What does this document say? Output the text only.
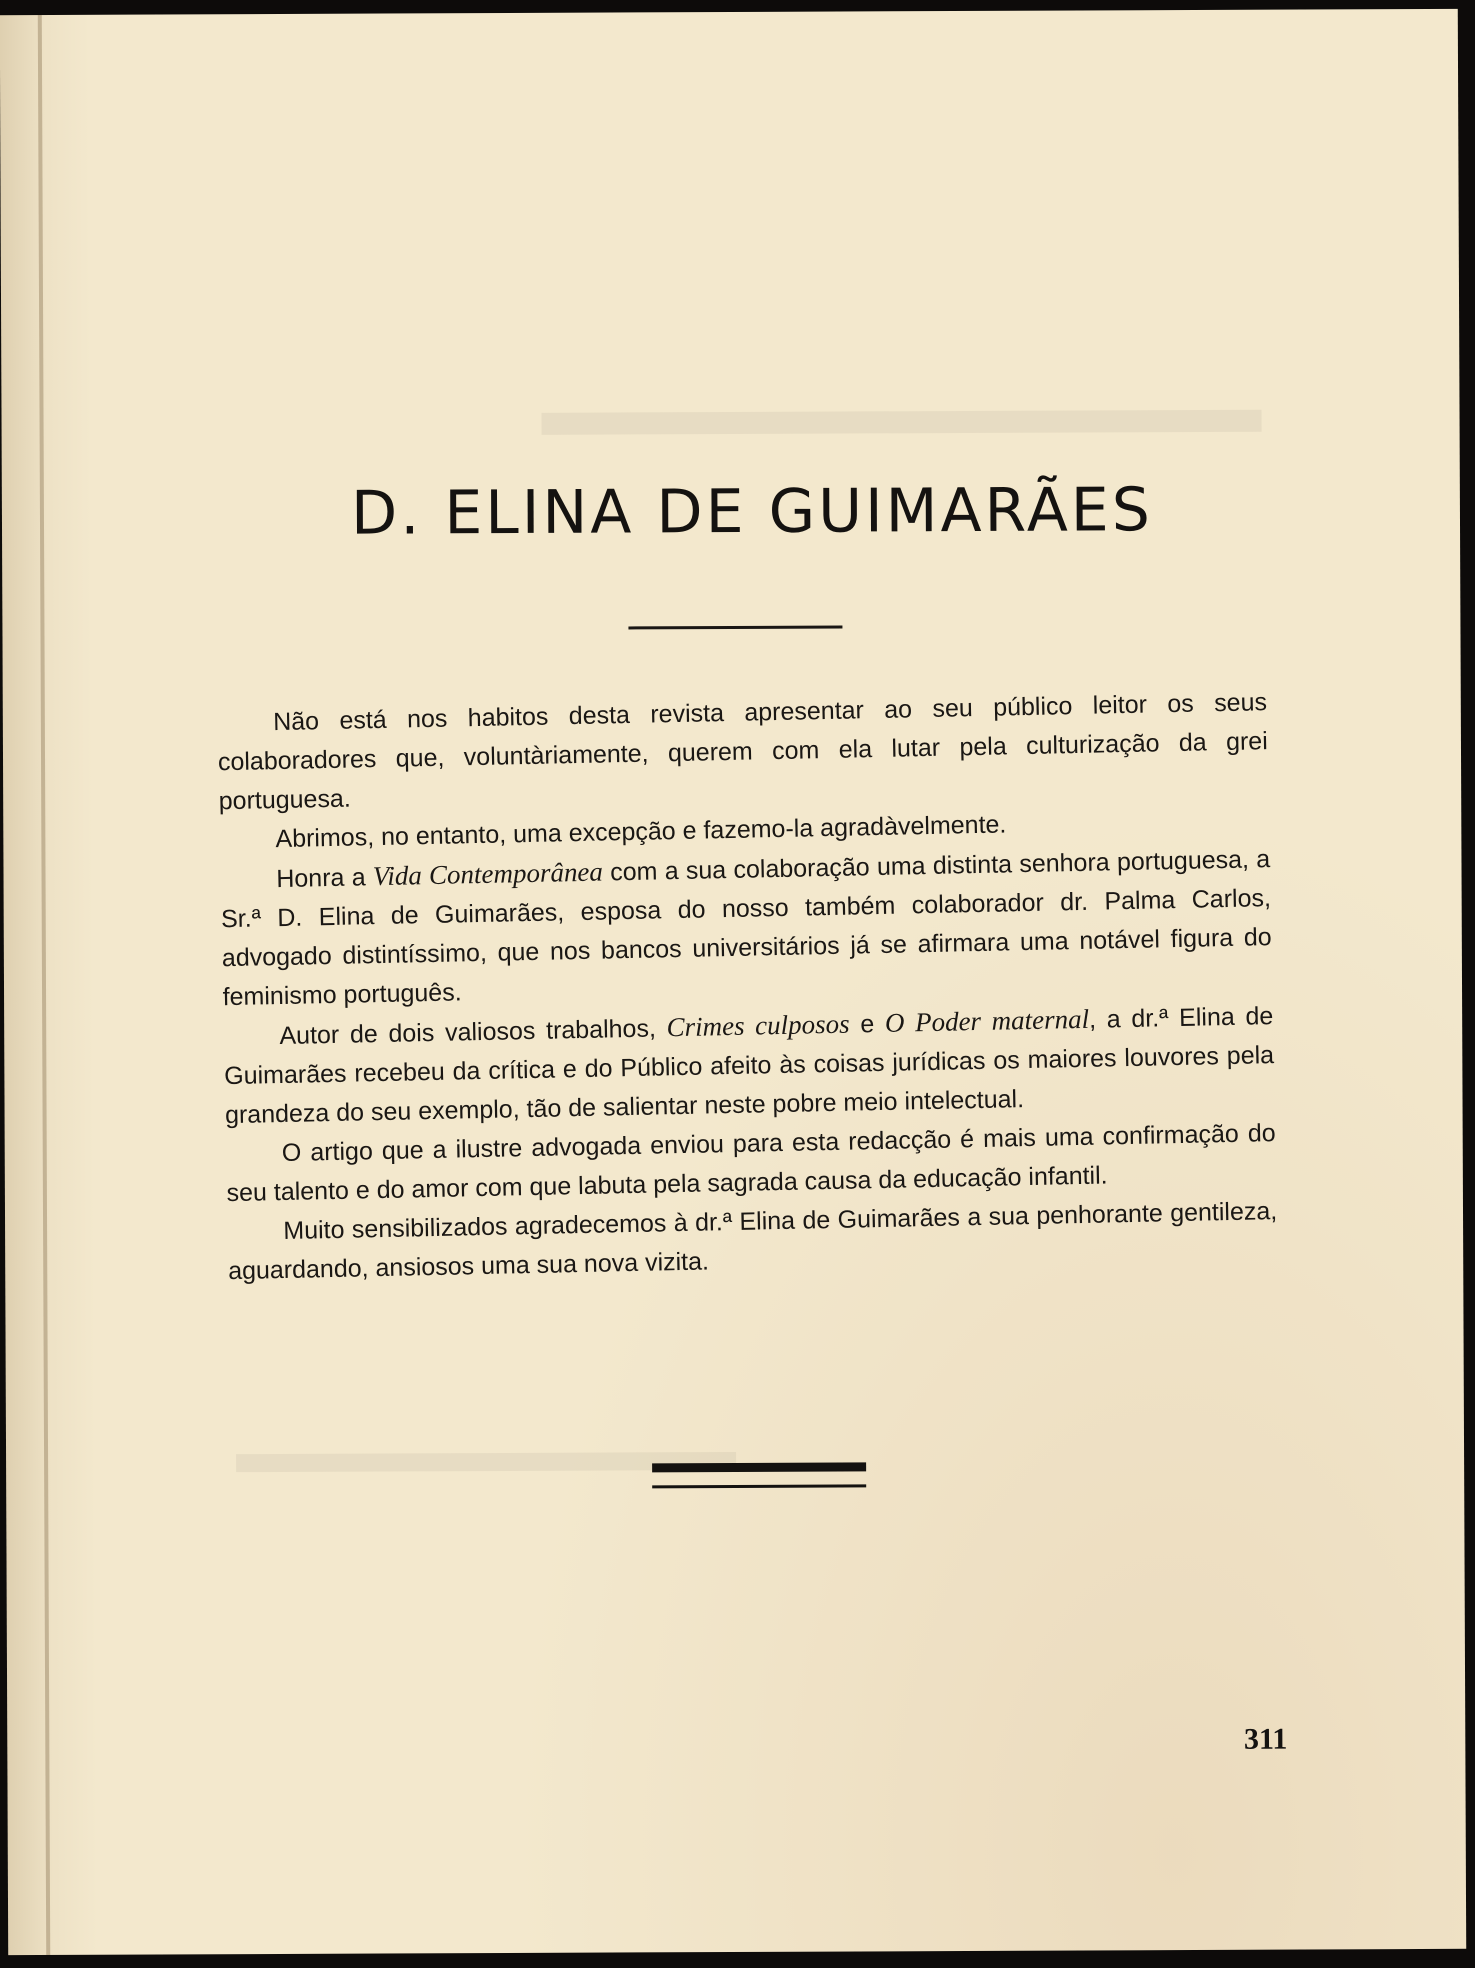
D. ELINA DE GUIMARÃES

Não está nos habitos desta revista apresentar ao seu público leitor os seus colaboradores que, voluntàriamente, querem com ela lutar pela culturização da grei portuguesa.

Abrimos, no entanto, uma excepção e fazemo-la agradàvelmente.

Honra a Vida Contemporânea com a sua colaboração uma distinta senhora portuguesa, a Sr.ª D. Elina de Guimarães, esposa do nosso também colaborador dr. Palma Carlos, advogado distintíssimo, que nos bancos universitários já se afirmara uma notável figura do feminismo português.

Autor de dois valiosos trabalhos, Crimes culposos e O Poder maternal, a dr.ª Elina de Guimarães recebeu da crítica e do Público afeito às coisas jurídicas os maiores louvores pela grandeza do seu exemplo, tão de salientar neste pobre meio intelectual.

O artigo que a ilustre advogada enviou para esta redacção é mais uma confirmação do seu talento e do amor com que labuta pela sagrada causa da educação infantil.

Muito sensibilizados agradecemos à dr.ª Elina de Guimarães a sua penhorante gentileza, aguardando, ansiosos uma sua nova vizita.

311
